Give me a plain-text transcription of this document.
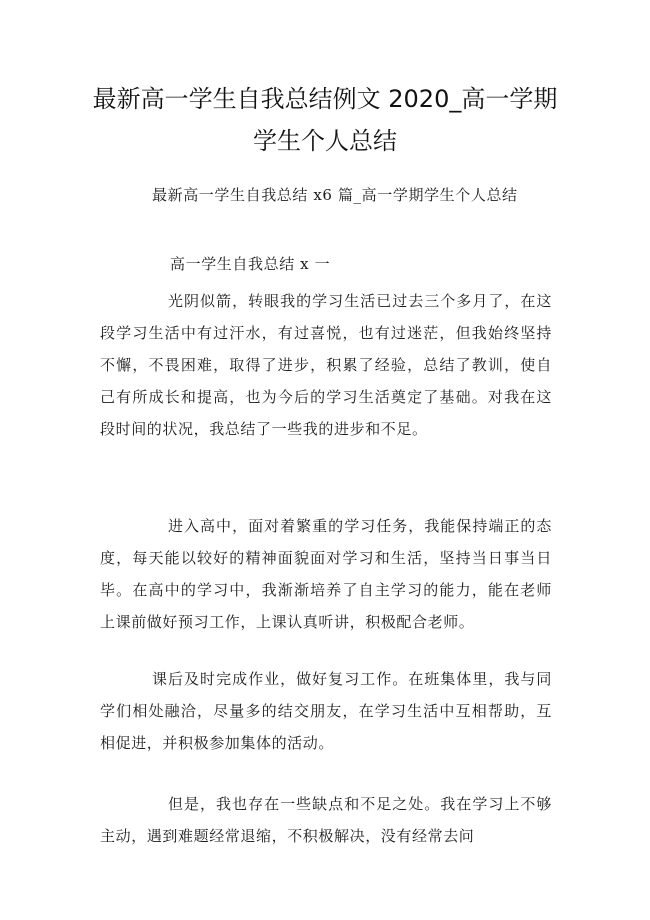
最新高一学生自我总结例文 2020_高一学期
学生个人总结

最新高一学生自我总结 x6 篇_高一学期学生个人总结

高一学生自我总结 x 一

光阴似箭，转眼我的学习生活已过去三个多月了，在这段学习生活中有过汗水，有过喜悦，也有过迷茫，但我始终坚持不懈，不畏困难，取得了进步，积累了经验，总结了教训，使自己有所成长和提高，也为今后的学习生活奠定了基础。对我在这段时间的状况，我总结了一些我的进步和不足。

进入高中，面对着繁重的学习任务，我能保持端正的态度，每天能以较好的精神面貌面对学习和生活，坚持当日事当日毕。在高中的学习中，我渐渐培养了自主学习的能力，能在老师上课前做好预习工作，上课认真听讲，积极配合老师。

课后及时完成作业，做好复习工作。在班集体里，我与同学们相处融洽，尽量多的结交朋友，在学习生活中互相帮助，互相促进，并积极参加集体的活动。

但是，我也存在一些缺点和不足之处。我在学习上不够主动，遇到难题经常退缩，不积极解决，没有经常去问
